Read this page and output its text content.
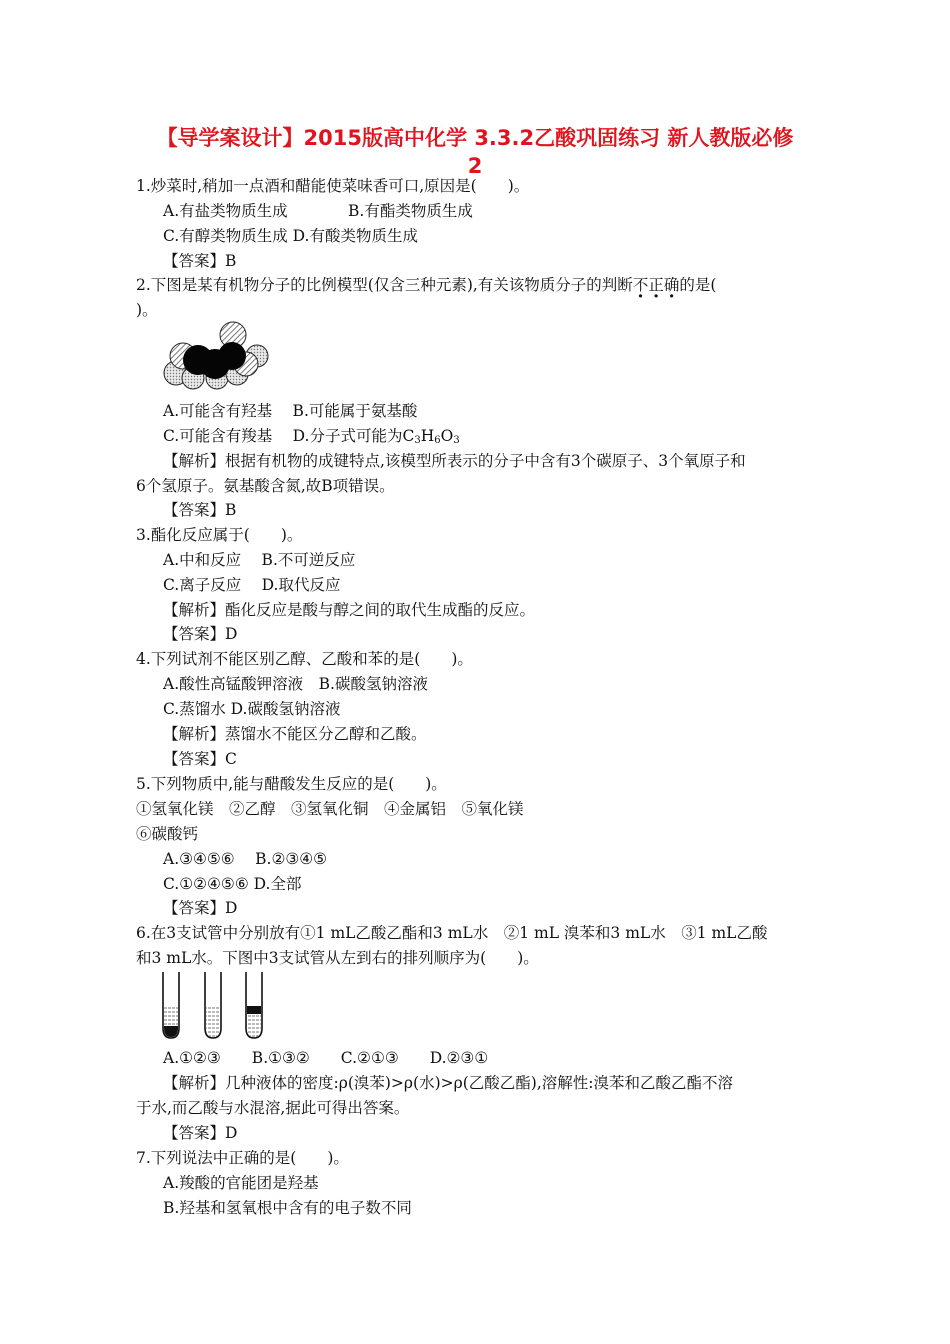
【导学案设计】2015版高中化学 3.3.2乙酸巩固练习 新人教版必修
2
1.炒菜时,稍加一点酒和醋能使菜味香可口,原因是(　　)。
A.有盐类物质生成	B.有酯类物质生成
C.有醇类物质生成 D.有酸类物质生成
【答案】B
2.下图是某有机物分子的比例模型(仅含三种元素),有关该物质分子的判断不正确的是(
)。
A.可能含有羟基　 B.可能属于氨基酸
C.可能含有羧基　 D.分子式可能为$C_3H_6O_3$
【解析】根据有机物的成键特点,该模型所表示的分子中含有3个碳原子、3个氧原子和
6个氢原子。氨基酸含氮,故B项错误。
【答案】B
3.酯化反应属于(　　)。
A.中和反应　 B.不可逆反应
C.离子反应　 D.取代反应
【解析】酯化反应是酸与醇之间的取代生成酯的反应。
【答案】D
4.下列试剂不能区别乙醇、乙酸和苯的是(　　)。
A.酸性高锰酸钾溶液　B.碳酸氢钠溶液
C.蒸馏水 D.碳酸氢钠溶液
【解析】蒸馏水不能区分乙醇和乙酸。
【答案】C
5.下列物质中,能与醋酸发生反应的是(　　)。
①氢氧化镁　②乙醇　③氢氧化铜　④金属铝　⑤氧化镁
⑥碳酸钙
A.③④⑤⑥　 B.②③④⑤
C.①②④⑤⑥ D.全部
【答案】D
6.在3支试管中分别放有①1 mL乙酸乙酯和3 mL水　②1 mL 溴苯和3 mL水　③1 mL乙酸
和3 mL水。下图中3支试管从左到右的排列顺序为(　　)。
A.①②③　　B.①③②　　C.②①③　　D.②③①
【解析】几种液体的密度:ρ(溴苯)>ρ(水)>ρ(乙酸乙酯),溶解性:溴苯和乙酸乙酯不溶
于水,而乙酸与水混溶,据此可得出答案。
【答案】D
7.下列说法中正确的是(　　)。
A.羧酸的官能团是羟基
B.羟基和氢氧根中含有的电子数不同
